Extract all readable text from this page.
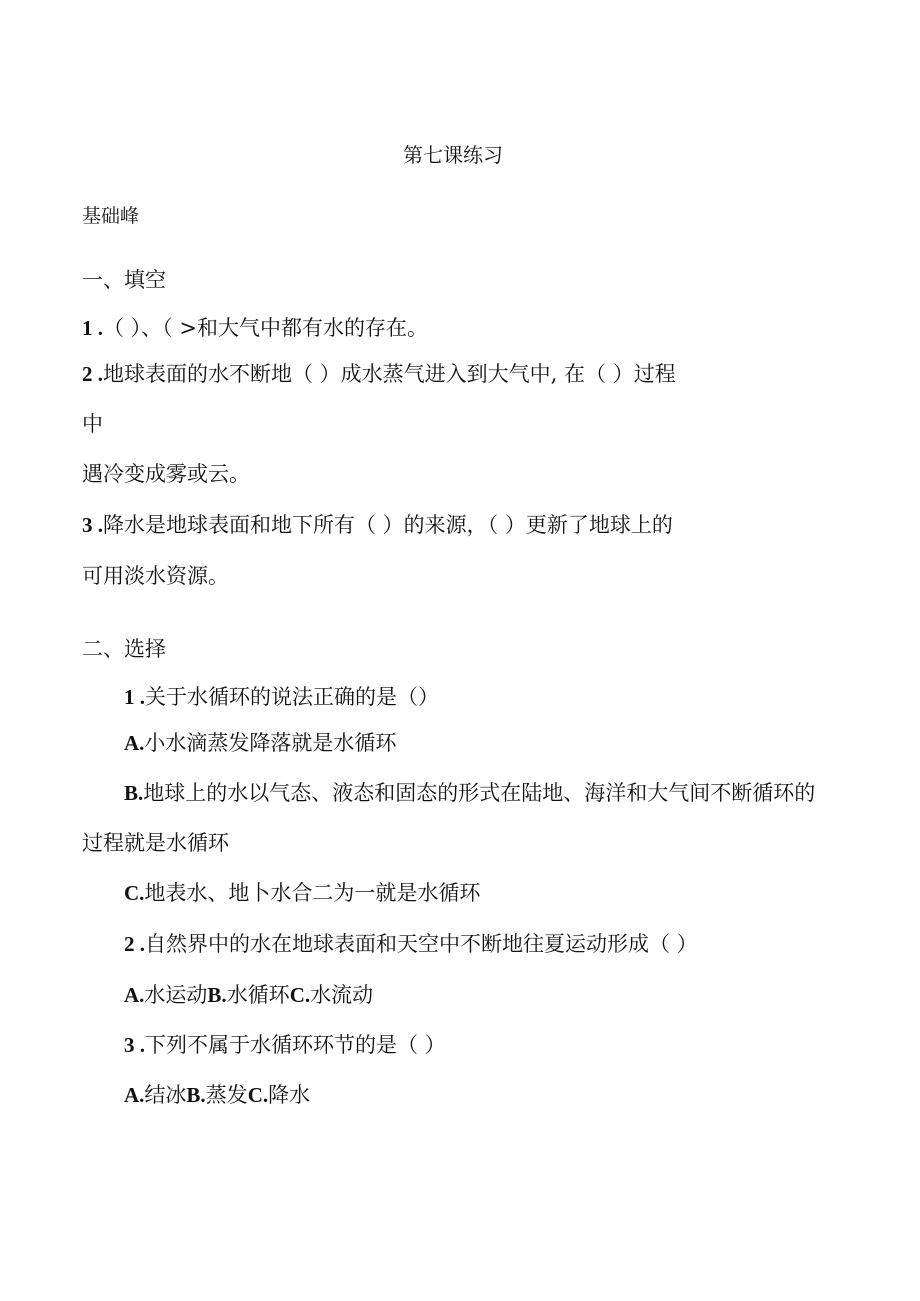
第七课练习
基础峰
一、填空
1 .（ ）、（ >和大气中都有水的存在。
2 .地球表面的水不断地（ ）成水蒸气进入到大气中, 在（ ）过程
中
遇冷变成雾或云。
3 .降水是地球表面和地下所有（ ）的来源，（ ）更新了地球上的
可用淡水资源。
二、选择
1 .关于水循环的说法正确的是（）
A.小水滴蒸发降落就是水循环
B.地球上的水以气态、液态和固态的形式在陆地、海洋和大气间不断循环的
过程就是水循环
C.地表水、地卜水合二为一就是水循环
2 .自然界中的水在地球表面和天空中不断地往夏运动形成（ ）
A.水运动B.水循环C.水流动
3 .下列不属于水循环环节的是（ ）
A.结冰B.蒸发C.降水
